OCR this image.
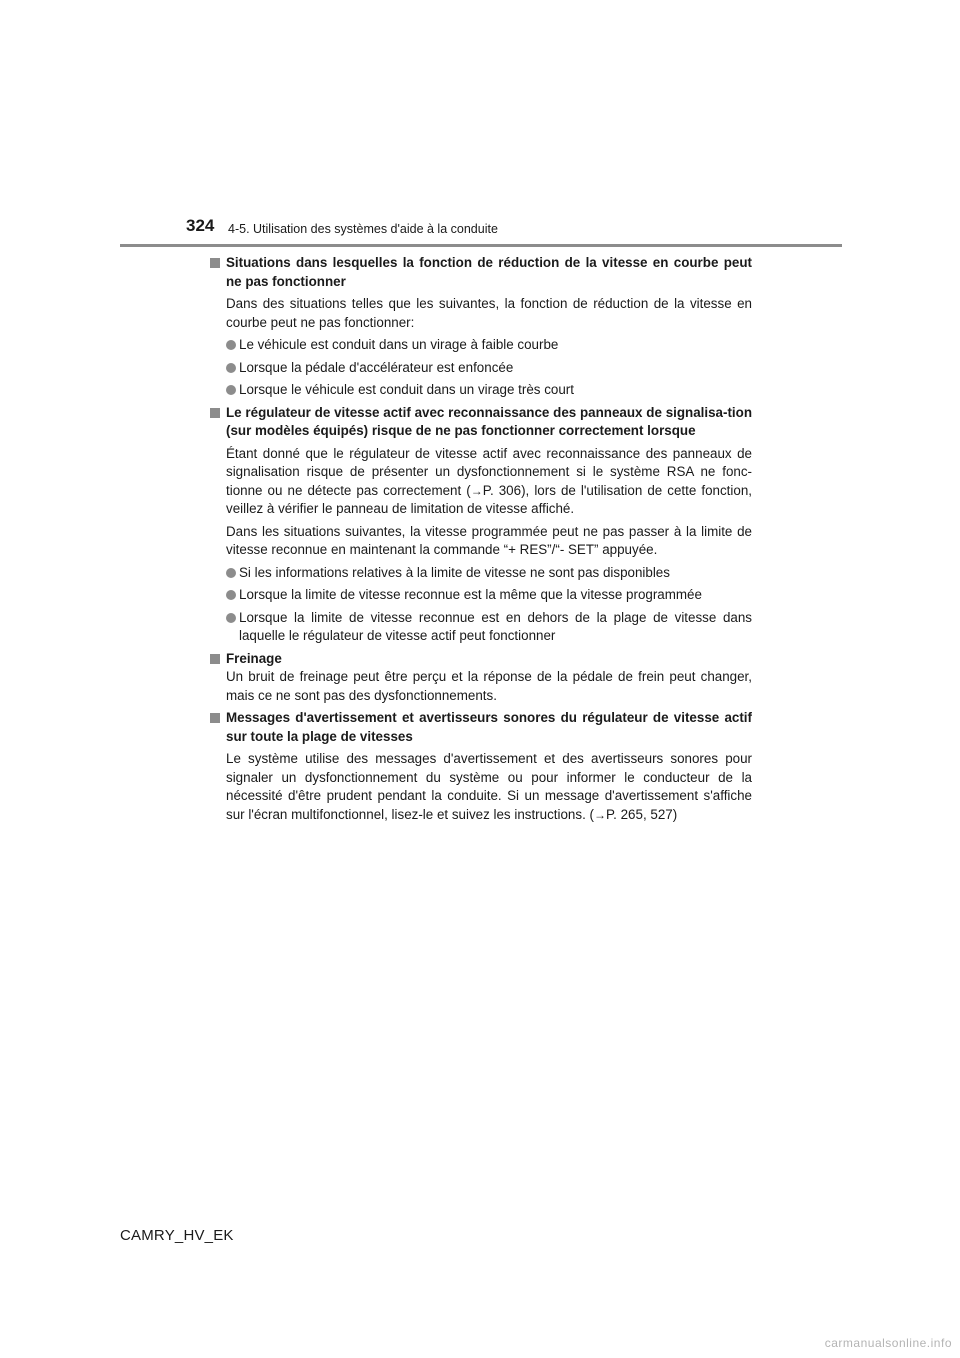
324 4-5. Utilisation des systèmes d'aide à la conduite
Situations dans lesquelles la fonction de réduction de la vitesse en courbe peut ne pas fonctionner
Dans des situations telles que les suivantes, la fonction de réduction de la vitesse en courbe peut ne pas fonctionner:
Le véhicule est conduit dans un virage à faible courbe
Lorsque la pédale d'accélérateur est enfoncée
Lorsque le véhicule est conduit dans un virage très court
Le régulateur de vitesse actif avec reconnaissance des panneaux de signalisa-tion (sur modèles équipés) risque de ne pas fonctionner correctement lorsque
Étant donné que le régulateur de vitesse actif avec reconnaissance des panneaux de signalisation risque de présenter un dysfonctionnement si le système RSA ne fonc-tionne ou ne détecte pas correctement (→P. 306), lors de l'utilisation de cette fonction, veillez à vérifier le panneau de limitation de vitesse affiché.
Dans les situations suivantes, la vitesse programmée peut ne pas passer à la limite de vitesse reconnue en maintenant la commande “+ RES”/“- SET” appuyée.
Si les informations relatives à la limite de vitesse ne sont pas disponibles
Lorsque la limite de vitesse reconnue est la même que la vitesse programmée
Lorsque la limite de vitesse reconnue est en dehors de la plage de vitesse dans laquelle le régulateur de vitesse actif peut fonctionner
Freinage
Un bruit de freinage peut être perçu et la réponse de la pédale de frein peut changer, mais ce ne sont pas des dysfonctionnements.
Messages d'avertissement et avertisseurs sonores du régulateur de vitesse actif sur toute la plage de vitesses
Le système utilise des messages d'avertissement et des avertisseurs sonores pour signaler un dysfonctionnement du système ou pour informer le conducteur de la nécessité d'être prudent pendant la conduite. Si un message d'avertissement s'affiche sur l'écran multifonctionnel, lisez-le et suivez les instructions. (→P. 265, 527)
CAMRY_HV_EK
carmanualsonline.info
